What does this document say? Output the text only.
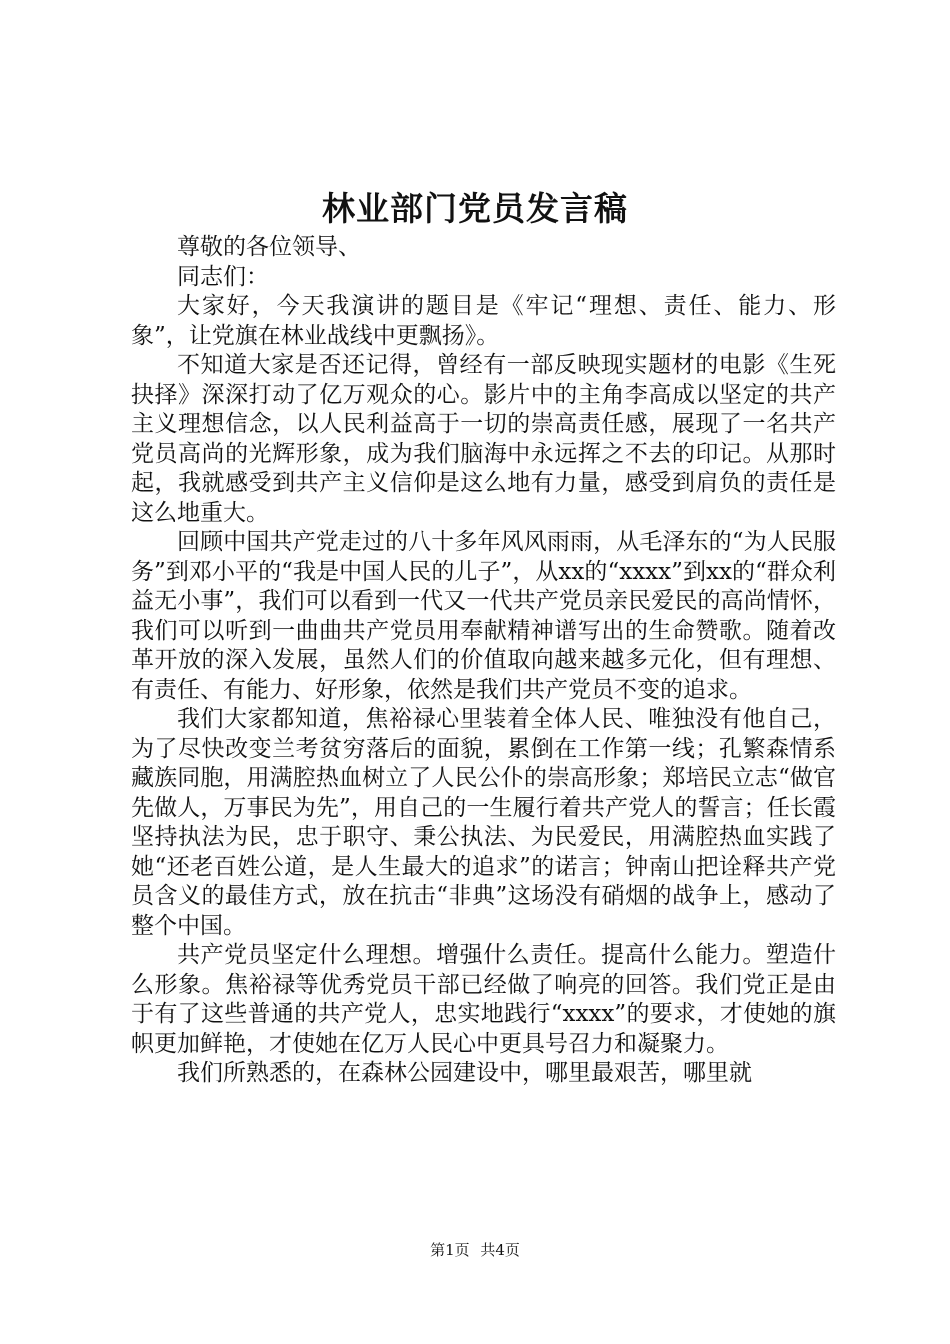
林业部门党员发言稿

尊敬的各位领导、

同志们：

大家好，今天我演讲的题目是《牢记“理想、责任、能力、形象”，让党旗在林业战线中更飘扬》。

不知道大家是否还记得，曾经有一部反映现实题材的电影《生死抉择》深深打动了亿万观众的心。影片中的主角李高成以坚定的共产主义理想信念，以人民利益高于一切的崇高责任感，展现了一名共产党员高尚的光辉形象，成为我们脑海中永远挥之不去的印记。从那时起，我就感受到共产主义信仰是这么地有力量，感受到肩负的责任是这么地重大。

回顾中国共产党走过的八十多年风风雨雨，从毛泽东的“为人民服务”到邓小平的“我是中国人民的儿子”，从xx的“xxxx”到xx的“群众利益无小事”，我们可以看到一代又一代共产党员亲民爱民的高尚情怀，我们可以听到一曲曲共产党员用奉献精神谱写出的生命赞歌。随着改革开放的深入发展，虽然人们的价值取向越来越多元化，但有理想、有责任、有能力、好形象，依然是我们共产党员不变的追求。

我们大家都知道，焦裕禄心里装着全体人民、唯独没有他自己，为了尽快改变兰考贫穷落后的面貌，累倒在工作第一线；孔繁森情系藏族同胞，用满腔热血树立了人民公仆的崇高形象；郑培民立志“做官先做人，万事民为先”，用自己的一生履行着共产党人的誓言；任长霞坚持执法为民，忠于职守、秉公执法、为民爱民，用满腔热血实践了她“还老百姓公道，是人生最大的追求”的诺言；钟南山把诠释共产党员含义的最佳方式，放在抗击“非典”这场没有硝烟的战争上，感动了整个中国。

共产党员坚定什么理想。增强什么责任。提高什么能力。塑造什么形象。焦裕禄等优秀党员干部已经做了响亮的回答。我们党正是由于有了这些普通的共产党人，忠实地践行“xxxx”的要求，才使她的旗帜更加鲜艳，才使她在亿万人民心中更具号召力和凝聚力。

我们所熟悉的，在森林公园建设中，哪里最艰苦，哪里就

第1页 共4页
